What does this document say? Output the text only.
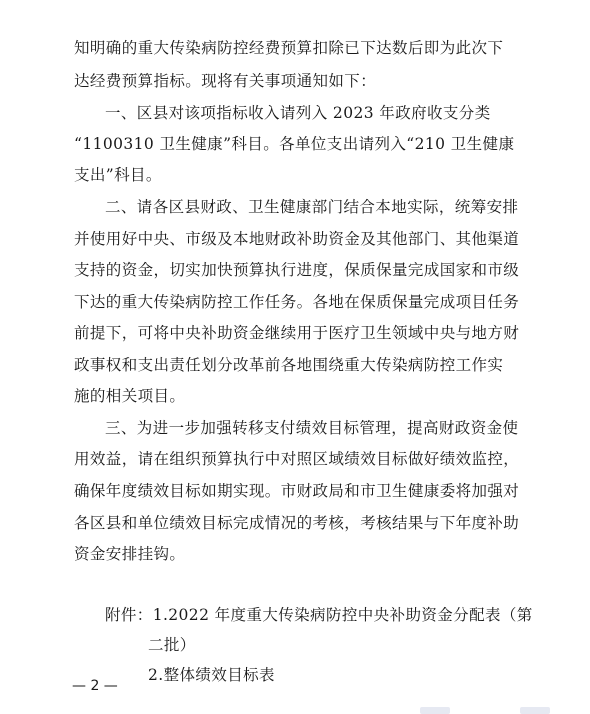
知明确的重大传染病防控经费预算扣除已下达数后即为此次下
达经费预算指标。现将有关事项通知如下：
一、区县对该项指标收入请列入 2023 年政府收支分类
“1100310 卫生健康”科目。各单位支出请列入“210 卫生健康
支出”科目。
二、请各区县财政、卫生健康部门结合本地实际，统筹安排
并使用好中央、市级及本地财政补助资金及其他部门、其他渠道
支持的资金，切实加快预算执行进度，保质保量完成国家和市级
下达的重大传染病防控工作任务。各地在保质保量完成项目任务
前提下，可将中央补助资金继续用于医疗卫生领域中央与地方财
政事权和支出责任划分改革前各地围绕重大传染病防控工作实
施的相关项目。
三、为进一步加强转移支付绩效目标管理，提高财政资金使
用效益，请在组织预算执行中对照区域绩效目标做好绩效监控，
确保年度绩效目标如期实现。市财政局和市卫生健康委将加强对
各区县和单位绩效目标完成情况的考核，考核结果与下年度补助
资金安排挂钩。
附件：1.2022 年度重大传染病防控中央补助资金分配表（第
二批）
2.整体绩效目标表
— 2 —
